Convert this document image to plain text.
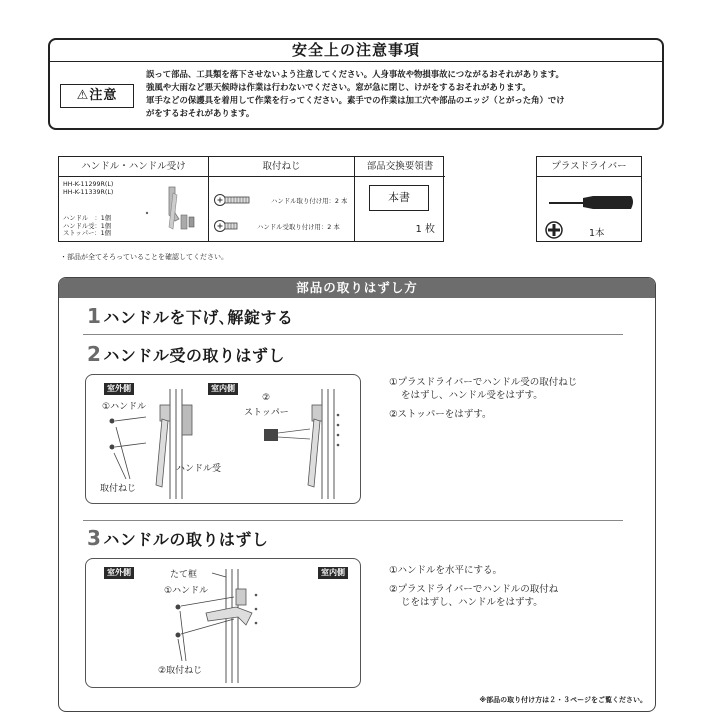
安全上の注意事項
⚠注意
誤って部品、工具類を落下させないよう注意してください。人身事故や物損事故につながるおそれがあります。
強風や大雨など悪天候時は作業は行わないでください。窓が急に閉じ、けがをするおそれがあります。
軍手などの保護具を着用して作業を行ってください。素手での作業は加工穴や部品のエッジ（とがった角）でけ
がをするおそれがあります。
ハンドル・ハンドル受け
HH-K-11299R(L)
HH-K-11339R(L)
ハンドル　：1個
ハンドル受：1個
ストッパー：1個
取付ねじ
ハンドル取り付け用：2 本
ハンドル受取り付け用：2 本
部品交換要領書
本書
1 枚
プラスドライバー
1本
・部品が全てそろっていることを確認してください。
部品の取りはずし方
1 ハンドルを下げ､解錠する
2 ハンドル受の取りはずし
室外側	室内側
①ハンドル
取付ねじ
ハンドル受
②
ストッパー

①プラスドライバーでハンドル受の取付ねじ
をはずし、ハンドル受をはずす。

②ストッパーをはずす。

3 ハンドルの取りはずし
室外側	室内側
たて框
①ハンドル
②取付ねじ

①ハンドルを水平にする。

②プラスドライバーでハンドルの取付ね
じをはずし、ハンドルをはずす。

※部品の取り付け方は２・３ページをご覧ください。
